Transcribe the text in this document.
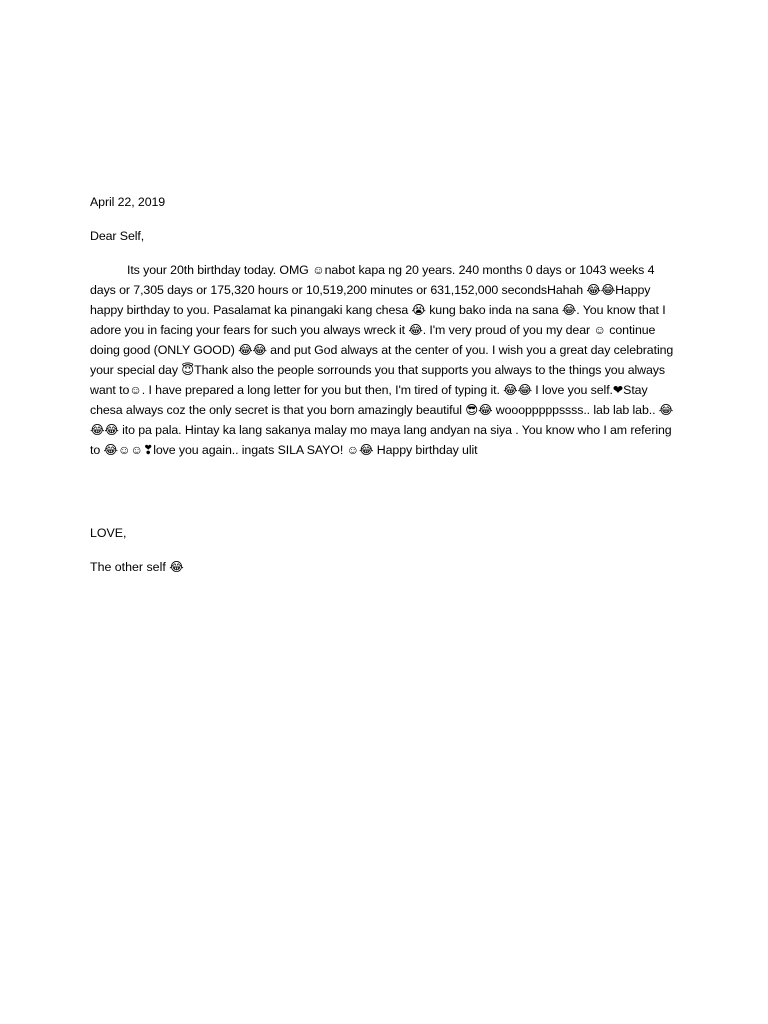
April 22, 2019

Dear Self,

Its your 20th birthday today. OMG ☺nabot kapa ng 20 years. 240 months 0 days or 1043 weeks 4 days or 7,305 days or 175,320 hours or 10,519,200 minutes or 631,152,000 secondsHahah 😂😂Happy happy birthday to you. Pasalamat ka pinangaki kang chesa 😭 kung bako inda na sana 😂. You know that I adore you in facing your fears for such you always wreck it 😂. I'm very proud of you my dear ☺ continue doing good (ONLY GOOD) 😂😂 and put God always at the center of you. I wish you a great day celebrating your special day 😇Thank also the people sorrounds you that supports you always to the things you always want to☺. I have prepared a long letter for you but then, I'm tired of typing it. 😂😂 I love you self.❤Stay chesa always coz the only secret is that you born amazingly beautiful 😎😂 wooopppppssss.. lab lab lab.. 😂😂😂 ito pa pala. Hintay ka lang sakanya malay mo maya lang andyan na siya . You know who I am refering to 😂☺☺❣love you again.. ingats SILA SAYO! ☺😂 Happy birthday ulit

LOVE,
The other self 😂
